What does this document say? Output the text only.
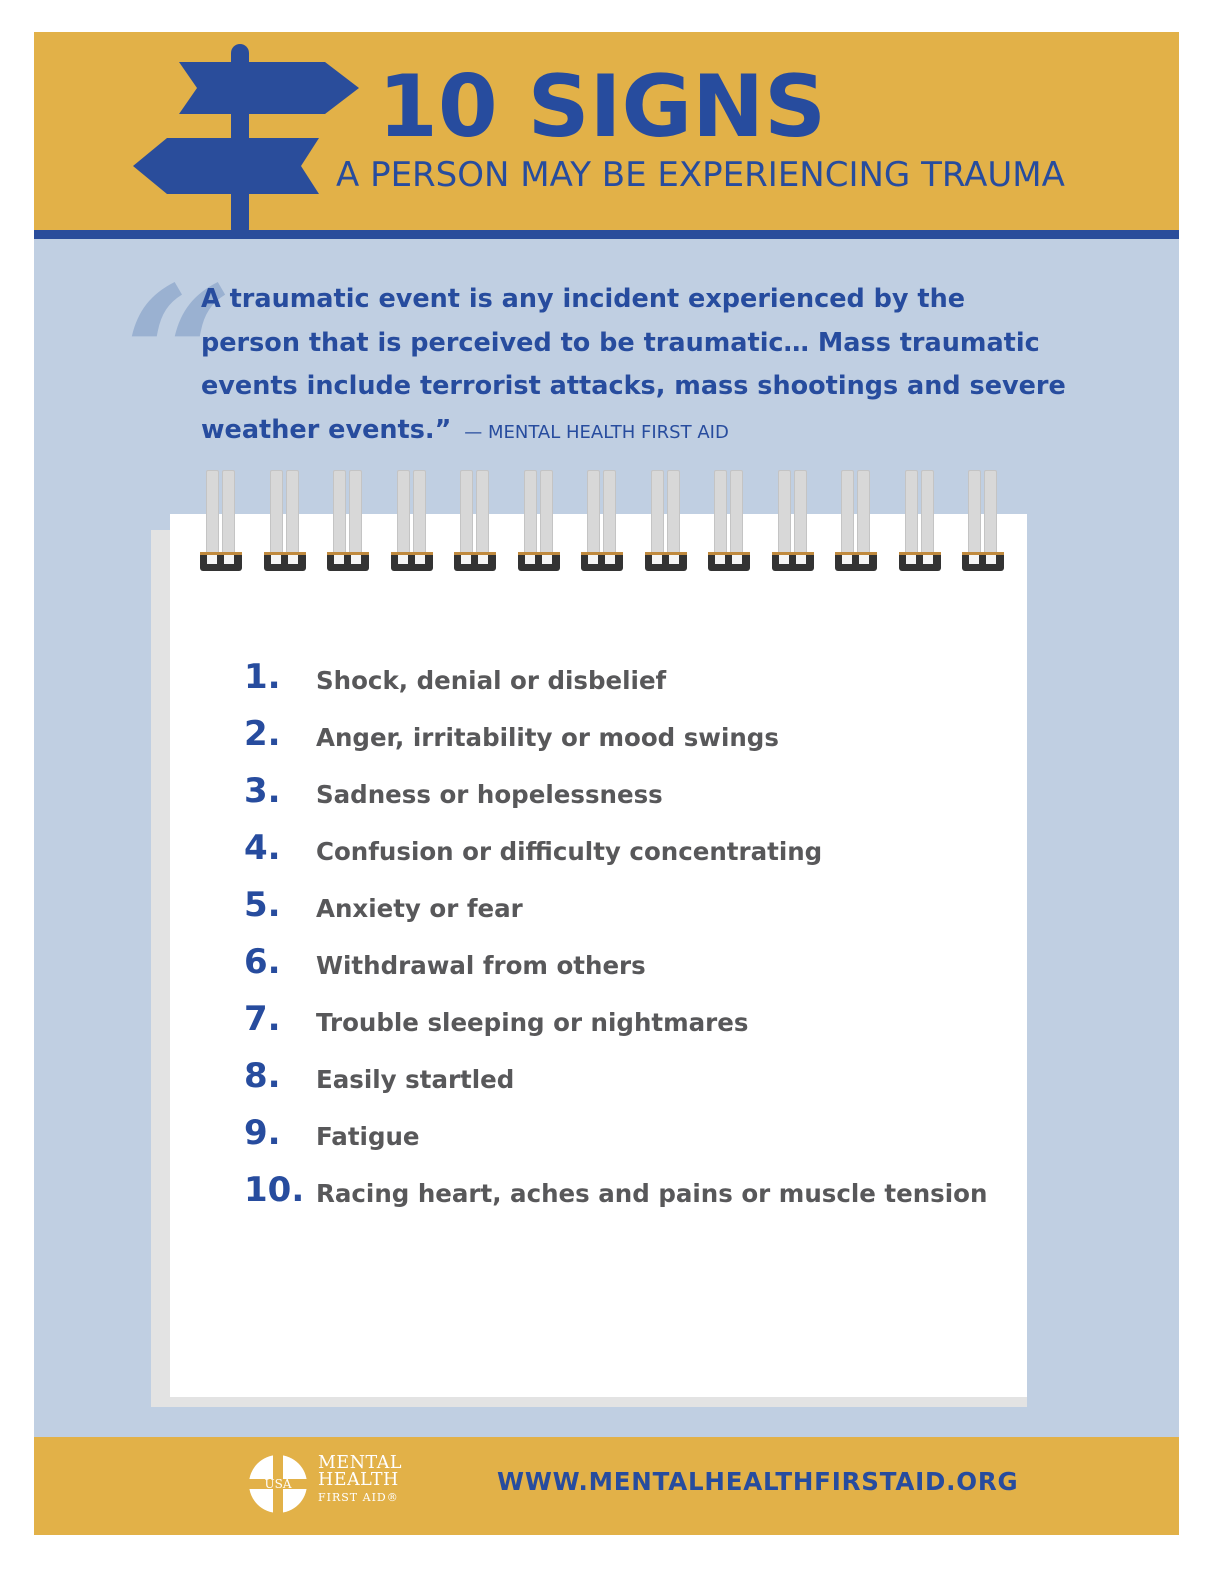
10 SIGNS
A PERSON MAY BE EXPERIENCING TRAUMA
“
A traumatic event is any incident experienced by the person that is perceived to be traumatic… Mass traumatic events include terrorist attacks, mass shootings and severe weather events.” — MENTAL HEALTH FIRST AID
1.	Shock, denial or disbelief
2.	Anger, irritability or mood swings
3.	Sadness or hopelessness
4.	Confusion or difficulty concentrating
5.	Anxiety or fear
6.	Withdrawal from others
7.	Trouble sleeping or nightmares
8.	Easily startled
9.	Fatigue
10. Racing heart, aches and pains or muscle tension
USA
MENTAL
HEALTH
FIRST AID®
WWW.MENTALHEALTHFIRSTAID.ORG
